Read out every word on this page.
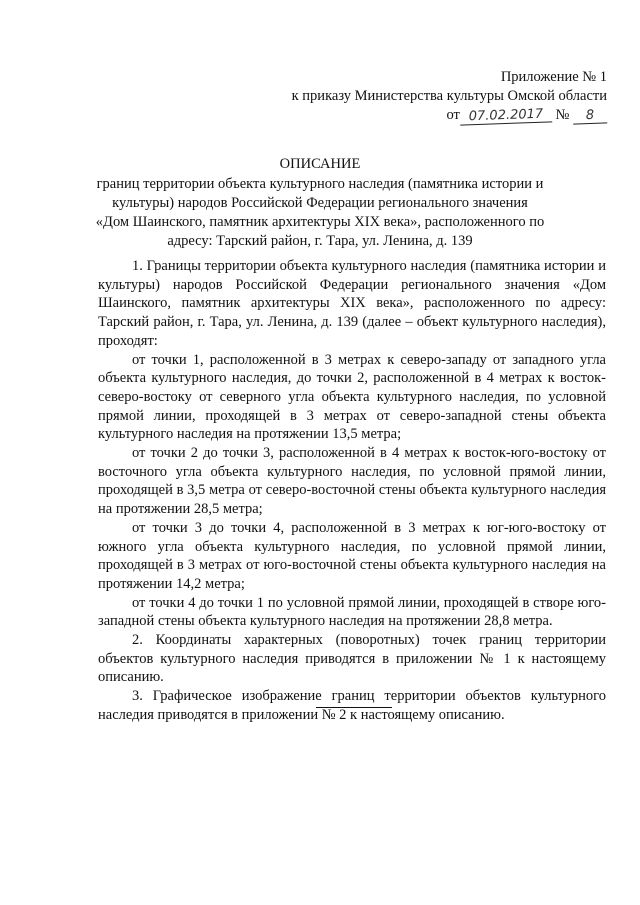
Приложение № 1
к приказу Министерства культуры Омской области
от 07.02.2017 № 8
ОПИСАНИЕ
границ территории объекта культурного наследия (памятника истории и
культуры) народов Российской Федерации регионального значения
«Дом Шаинского, памятник архитектуры XIX века», расположенного по
адресу: Тарский район, г. Тара, ул. Ленина, д. 139

1. Границы территории объекта культурного наследия (памятника истории и культуры) народов Российской Федерации регионального значения «Дом Шаинского, памятник архитектуры XIX века», расположенного по адресу: Тарский район, г. Тара, ул. Ленина, д. 139 (далее – объект культурного наследия), проходят:

от точки 1, расположенной в 3 метрах к северо-западу от западного угла объекта культурного наследия, до точки 2, расположенной в 4 метрах к восток-северо-востоку от северного угла объекта культурного наследия, по условной прямой линии, проходящей в 3 метрах от северо-западной стены объекта культурного наследия на протяжении 13,5 метра;

от точки 2 до точки 3, расположенной в 4 метрах к восток-юго-востоку от восточного угла объекта культурного наследия, по условной прямой линии, проходящей в 3,5 метра от северо-восточной стены объекта культурного наследия на протяжении 28,5 метра;

от точки 3 до точки 4, расположенной в 3 метрах к юг-юго-востоку от южного угла объекта культурного наследия, по условной прямой линии, проходящей в 3 метрах от юго-восточной стены объекта культурного наследия на протяжении 14,2 метра;

от точки 4 до точки 1 по условной прямой линии, проходящей в створе юго-западной стены объекта культурного наследия на протяжении 28,8 метра.

2. Координаты характерных (поворотных) точек границ территории объектов культурного наследия приводятся в приложении № 1 к настоящему описанию.

3. Графическое изображение границ территории объектов культурного наследия приводятся в приложении № 2 к настоящему описанию.
